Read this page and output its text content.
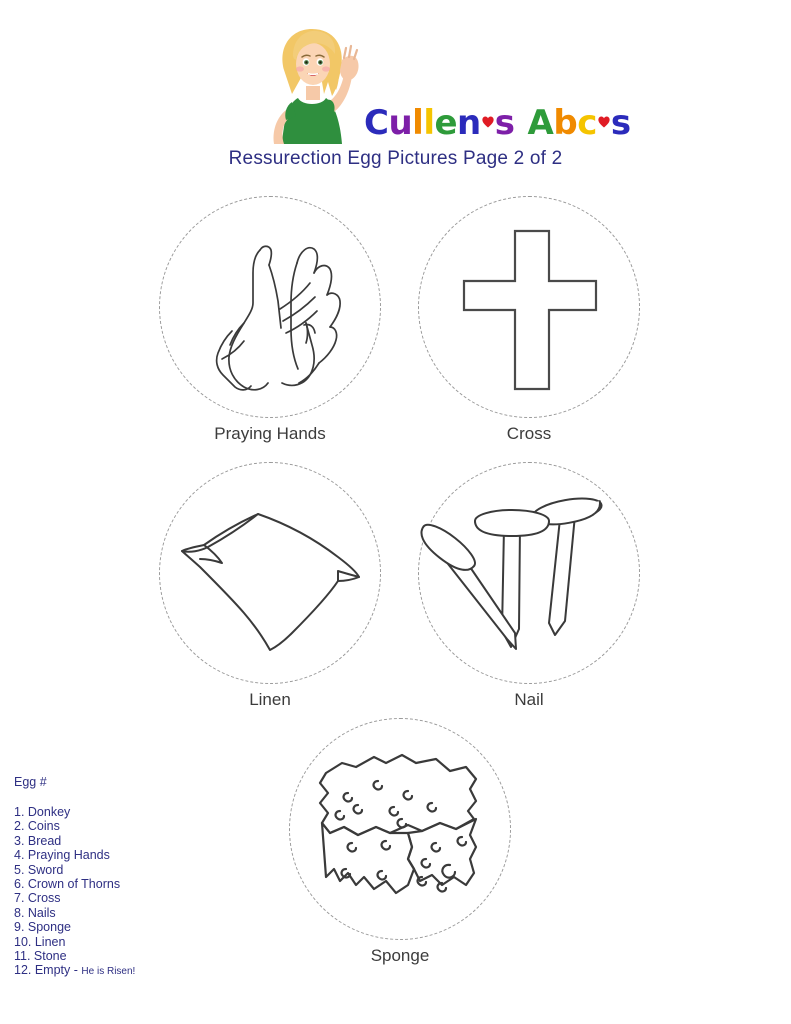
C u l l e n s A b c s
Ressurection Egg Pictures Page 2 of 2
Praying Hands	Cross
Linen	Nail
Sponge
Egg #
1. Donkey
2. Coins
3. Bread
4. Praying Hands
5. Sword
6. Crown of Thorns
7. Cross
8. Nails
9. Sponge
10. Linen
11. Stone
12. Empty - He is Risen!
